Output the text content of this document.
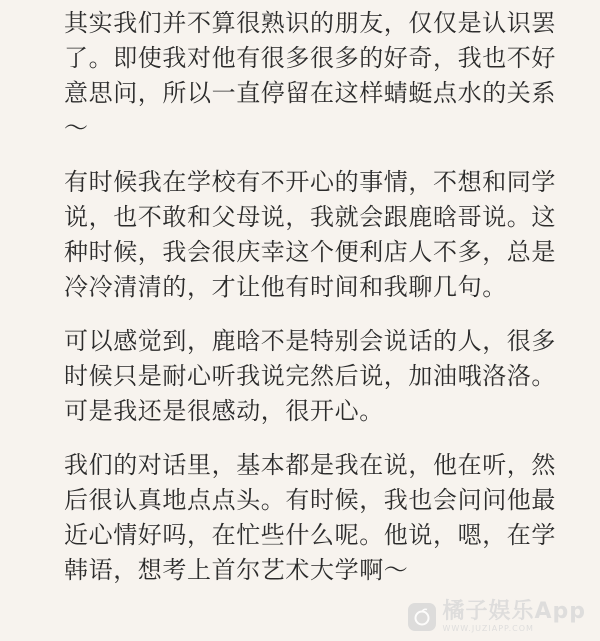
其实我们并不算很熟识的朋友，仅仅是认识罢
了。即使我对他有很多很多的好奇，我也不好
意思问，所以一直停留在这样蜻蜓点水的关系
～
有时候我在学校有不开心的事情，不想和同学
说，也不敢和父母说，我就会跟鹿晗哥说。这
种时候，我会很庆幸这个便利店人不多，总是
冷冷清清的，才让他有时间和我聊几句。
可以感觉到，鹿晗不是特别会说话的人，很多
时候只是耐心听我说完然后说，加油哦洛洛。
可是我还是很感动，很开心。
我们的对话里，基本都是我在说，他在听，然
后很认真地点点头。有时候，我也会问问他最
近心情好吗，在忙些什么呢。他说，嗯，在学
韩语，想考上首尔艺术大学啊～
橘子娱乐App
WWW.JUZIAPP.COM
